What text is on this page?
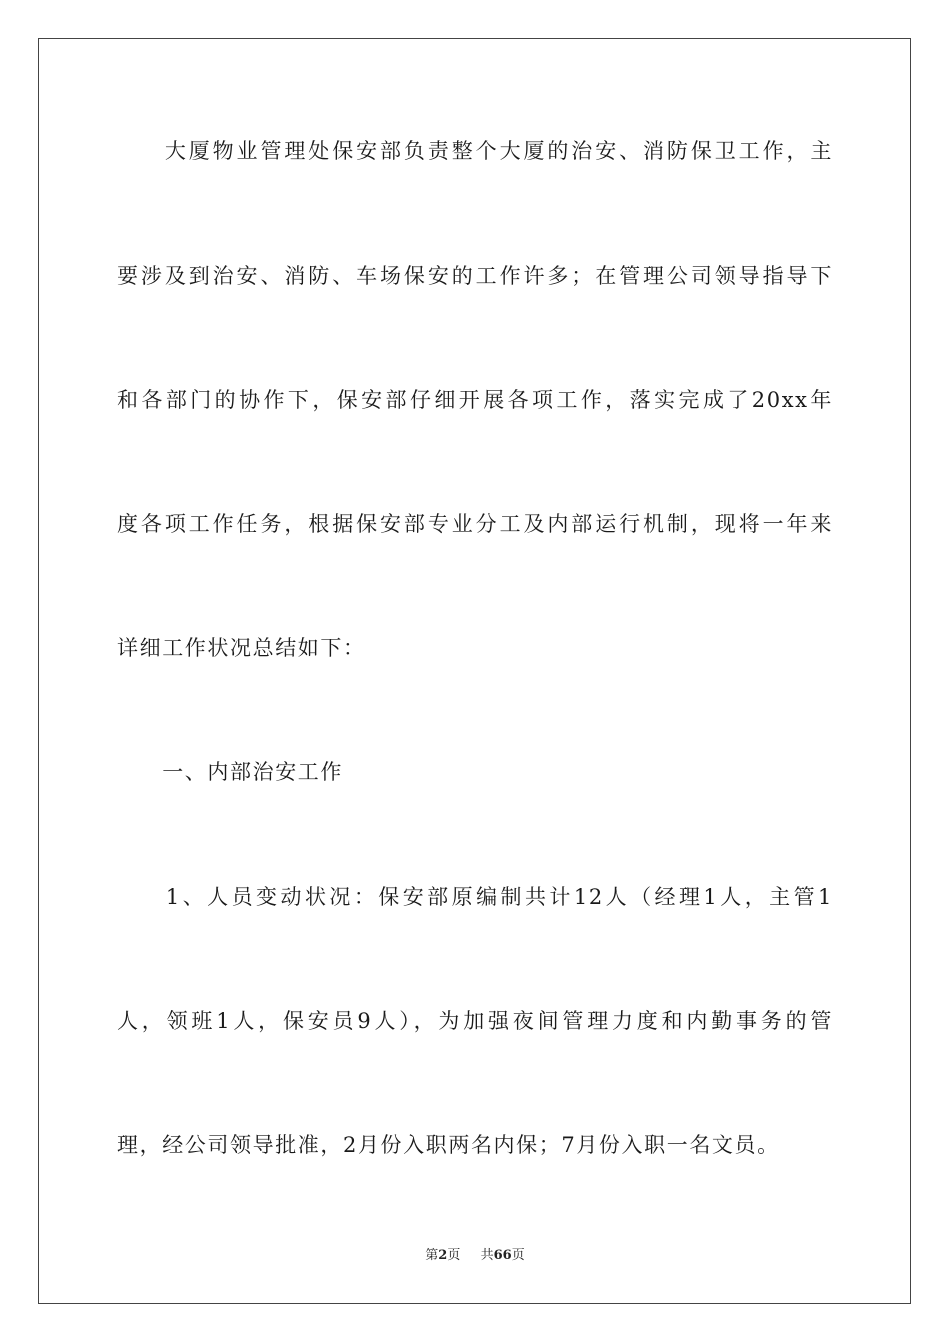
　　大厦物业管理处保安部负责整个大厦的治安、消防保卫工作，主
要涉及到治安、消防、车场保安的工作许多；在管理公司领导指导下
和各部门的协作下，保安部仔细开展各项工作，落实完成了20xx年
度各项工作任务，根据保安部专业分工及内部运行机制，现将一年来
详细工作状况总结如下：
　　一、内部治安工作
　　1、人员变动状况：保安部原编制共计12人（经理1人，主管1
人，领班1人，保安员9人），为加强夜间管理力度和内勤事务的管
理，经公司领导批准，2月份入职两名内保；7月份入职一名文员。
第2页 共66页
